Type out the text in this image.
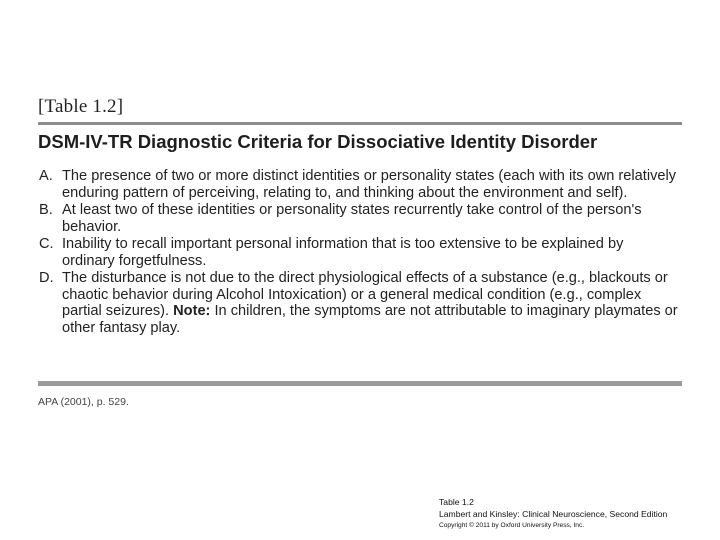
[Table 1.2]
DSM-IV-TR Diagnostic Criteria for Dissociative Identity Disorder
A. The presence of two or more distinct identities or personality states (each with its own relatively enduring pattern of perceiving, relating to, and thinking about the environment and self).
B. At least two of these identities or personality states recurrently take control of the person's behavior.
C. Inability to recall important personal information that is too extensive to be explained by ordinary forgetfulness.
D. The disturbance is not due to the direct physiological effects of a substance (e.g., blackouts or chaotic behavior during Alcohol Intoxication) or a general medical condition (e.g., complex partial seizures). Note: In children, the symptoms are not attributable to imaginary playmates or other fantasy play.
APA (2001), p. 529.
Table 1.2
Lambert and Kinsley: Clinical Neuroscience, Second Edition
Copyright © 2011 by Oxford University Press, Inc.
